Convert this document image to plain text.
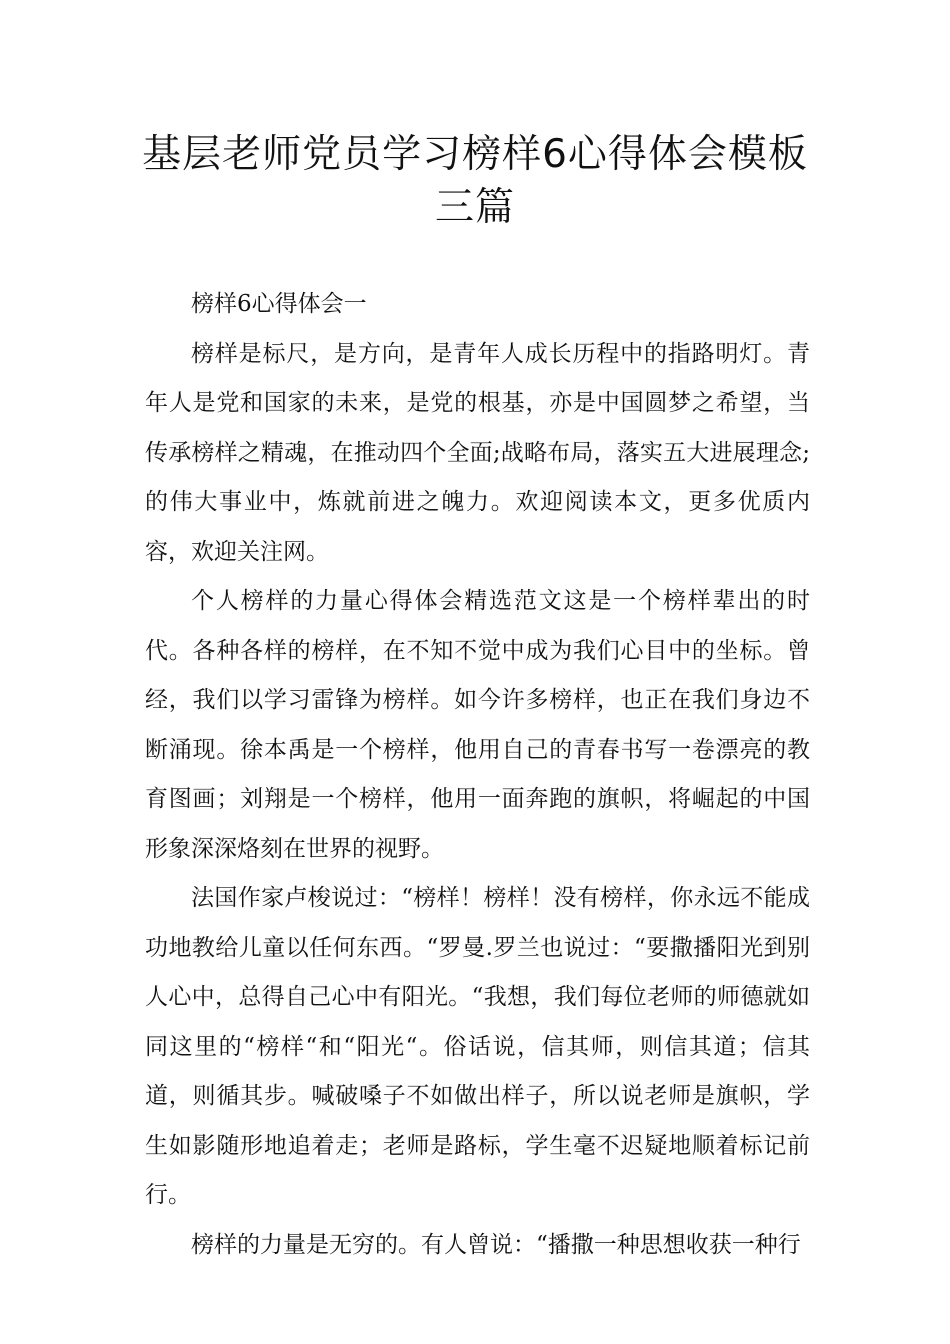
基层老师党员学习榜样6心得体会模板
三篇

榜样6心得体会一

榜样是标尺，是方向，是青年人成长历程中的指路明灯。青年人是党和国家的未来，是党的根基，亦是中国圆梦之希望，当传承榜样之精魂，在推动四个全面;战略布局，落实五大进展理念;的伟大事业中，炼就前进之魄力。欢迎阅读本文，更多优质内容，欢迎关注网。

个人榜样的力量心得体会精选范文这是一个榜样辈出的时代。各种各样的榜样，在不知不觉中成为我们心目中的坐标。曾经，我们以学习雷锋为榜样。如今许多榜样，也正在我们身边不断涌现。徐本禹是一个榜样，他用自己的青春书写一卷漂亮的教育图画；刘翔是一个榜样，他用一面奔跑的旗帜，将崛起的中国形象深深烙刻在世界的视野。

法国作家卢梭说过：“榜样！榜样！没有榜样，你永远不能成功地教给儿童以任何东西。“罗曼.罗兰也说过：“要撒播阳光到别人心中，总得自己心中有阳光。“我想，我们每位老师的师德就如同这里的“榜样“和“阳光“。俗话说，信其师，则信其道；信其道，则循其步。喊破嗓子不如做出样子，所以说老师是旗帜，学生如影随形地追着走；老师是路标，学生毫不迟疑地顺着标记前行。

榜样的力量是无穷的。有人曾说：“播撒一种思想收获一种行
